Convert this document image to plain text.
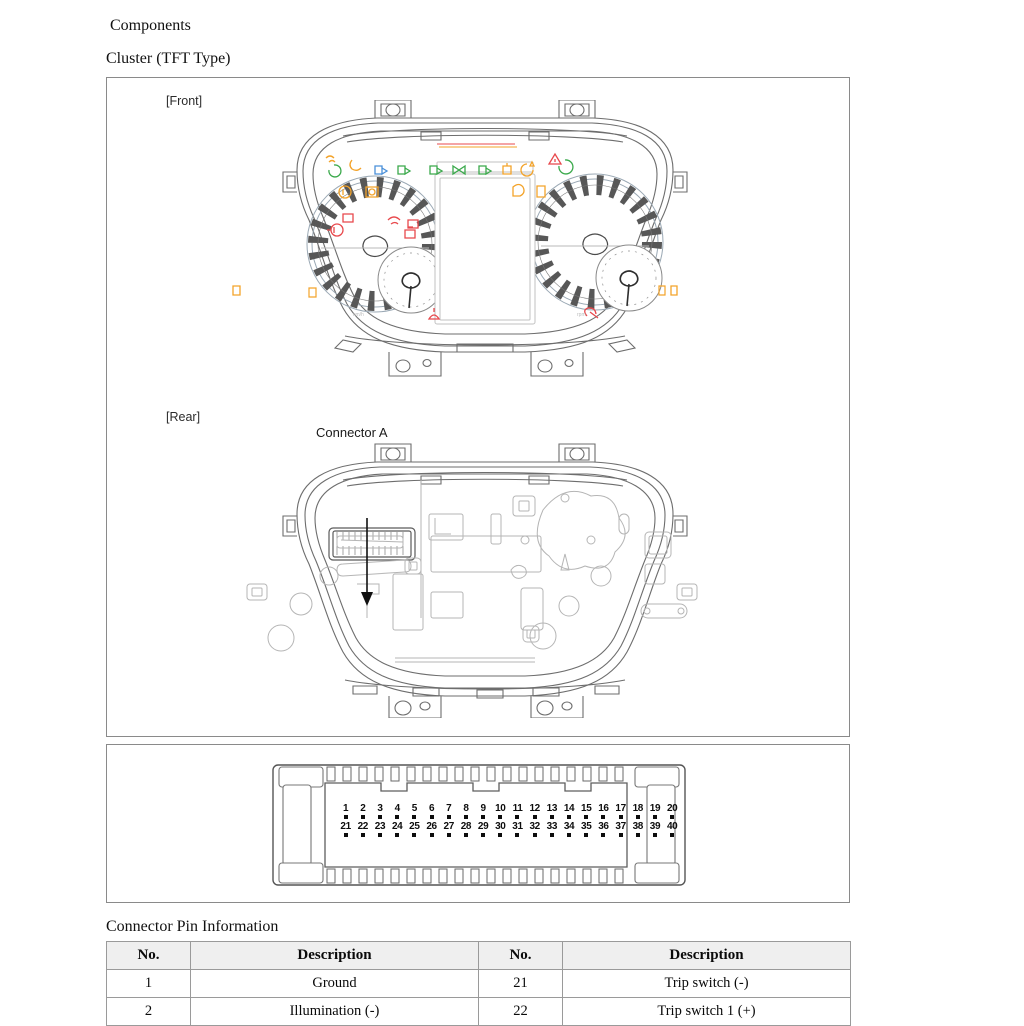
Components
Cluster (TFT Type)
[Front]
km/h	rpm
[Rear]
Connector A
1 2 3 4 5 6 7 8 9 10 11 12 13 14 15 16 17 18 19 20
21 22 23 24 25 26 27 28 29 30 31 32 33 34 35 36 37 38 39 40
Connector Pin Information
No.	Description	No.	Description
1	Ground	21	Trip switch (-)
2	Illumination (-)	22	Trip switch 1 (+)
